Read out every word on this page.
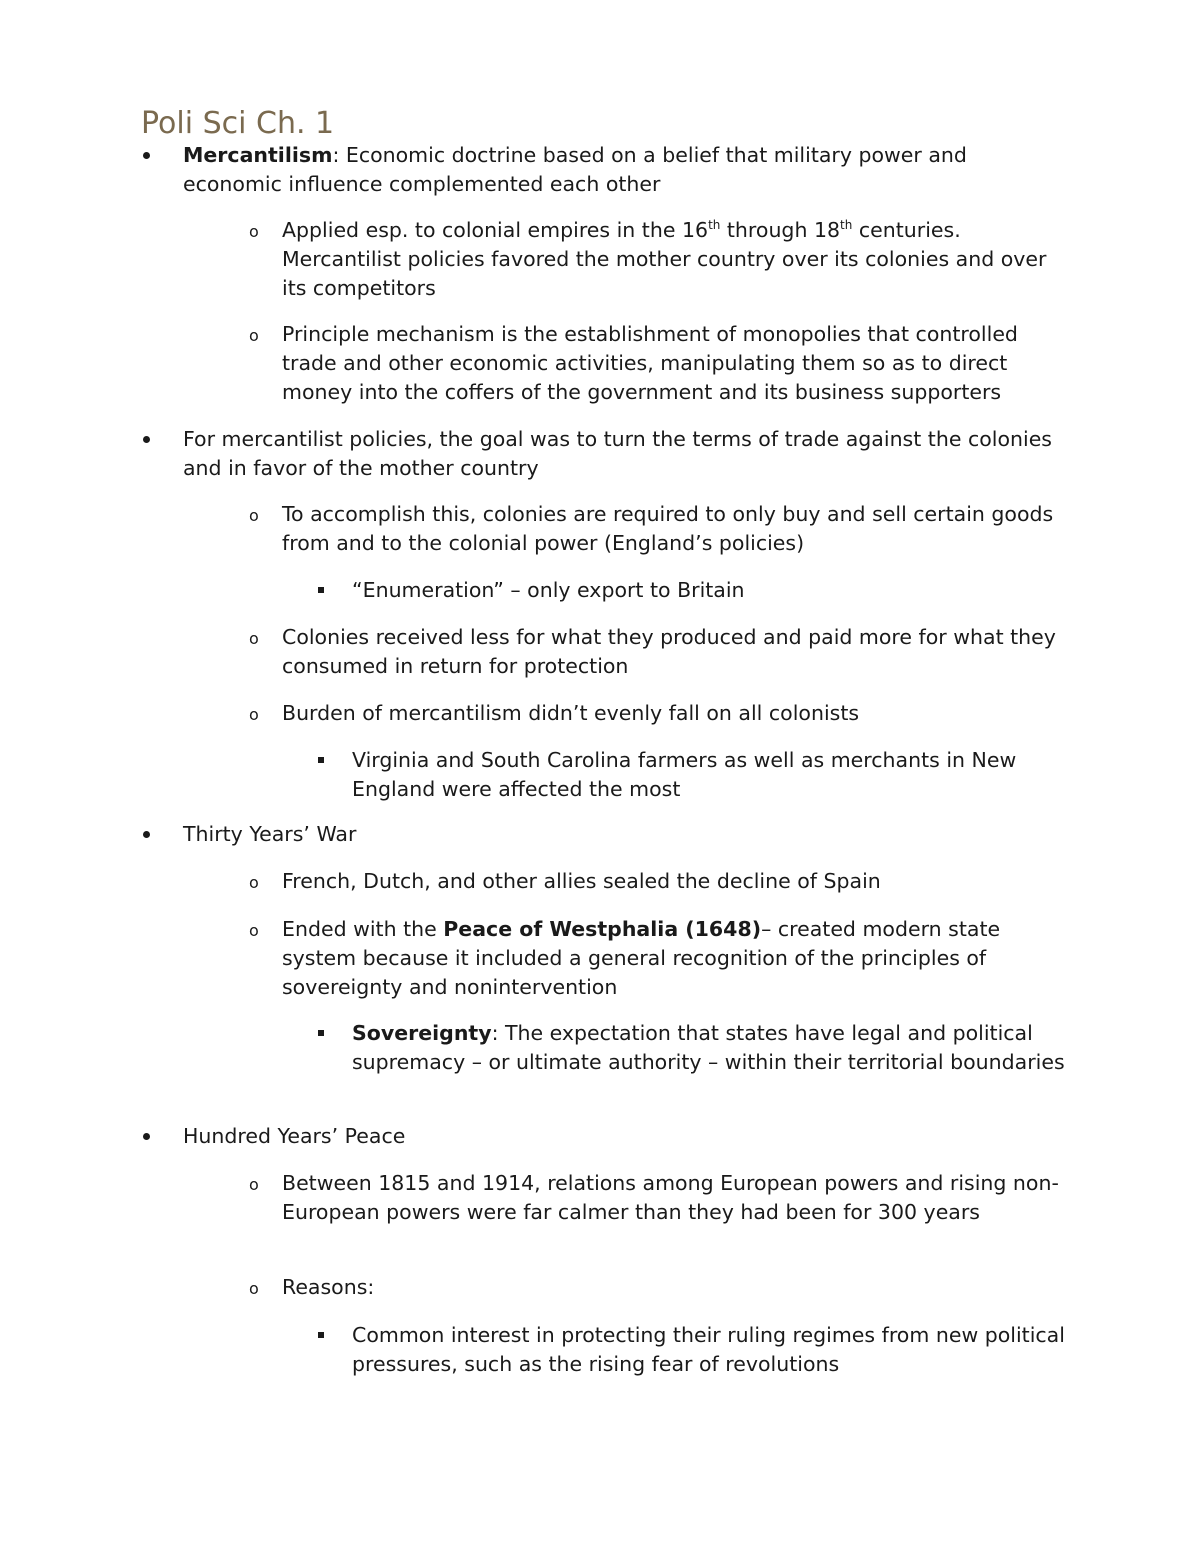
Poli Sci Ch. 1
Mercantilism: Economic doctrine based on a belief that military power and economic influence complemented each other
o Applied esp. to colonial empires in the 16th through 18th centuries. Mercantilist policies favored the mother country over its colonies and over its competitors
o Principle mechanism is the establishment of monopolies that controlled trade and other economic activities, manipulating them so as to direct money into the coffers of the government and its business supporters
For mercantilist policies, the goal was to turn the terms of trade against the colonies and in favor of the mother country
o To accomplish this, colonies are required to only buy and sell certain goods from and to the colonial power (England’s policies)
“Enumeration” – only export to Britain
o Colonies received less for what they produced and paid more for what they consumed in return for protection
o Burden of mercantilism didn’t evenly fall on all colonists
Virginia and South Carolina farmers as well as merchants in New England were affected the most
Thirty Years’ War
o French, Dutch, and other allies sealed the decline of Spain
o Ended with the Peace of Westphalia (1648)– created modern state system because it included a general recognition of the principles of sovereignty and nonintervention
Sovereignty: The expectation that states have legal and political supremacy – or ultimate authority – within their territorial boundaries
Hundred Years’ Peace
o Between 1815 and 1914, relations among European powers and rising non-European powers were far calmer than they had been for 300 years
o Reasons:
Common interest in protecting their ruling regimes from new political pressures, such as the rising fear of revolutions
